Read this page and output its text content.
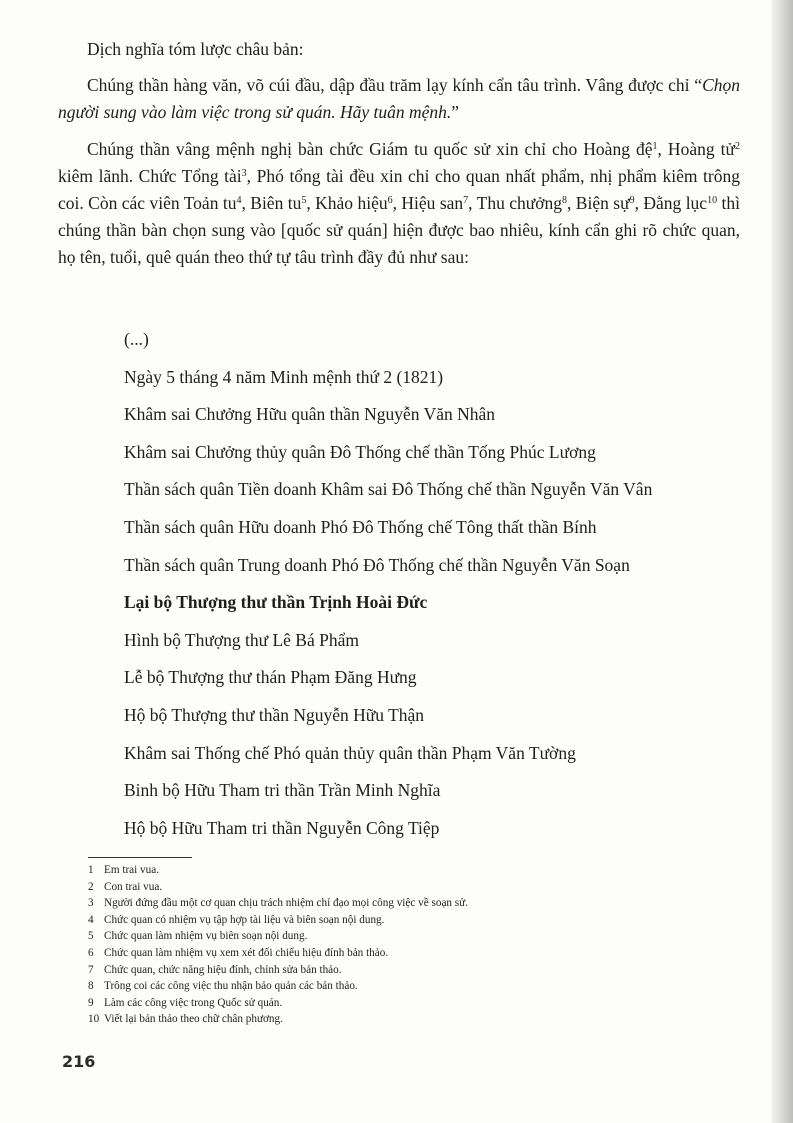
Dịch nghĩa tóm lược châu bản:

Chúng thần hàng văn, võ cúi đầu, dập đầu trăm lạy kính cẩn tâu trình. Vâng được chỉ “Chọn người sung vào làm việc trong sử quán. Hãy tuân mệnh.”

Chúng thần vâng mệnh nghị bàn chức Giám tu quốc sử xin chỉ cho Hoàng đệ$^1$, Hoàng tử$^2$ kiêm lãnh. Chức Tổng tài$^3$, Phó tổng tài đều xin chỉ cho quan nhất phẩm, nhị phẩm kiêm trông coi. Còn các viên Toản $tu^4$, Biên $tu^5$, Khảo hiệu$^6$, Hiệu san$^7$, Thu chưởng$^8$, Biện sự$^9$, Đằng lục$^{10}$ thì chúng thần bàn chọn sung vào [quốc sử quán] hiện được bao nhiêu, kính cẩn ghi rõ chức quan, họ tên, tuổi, quê quán theo thứ tự tâu trình đầy đủ như sau:

(...)
Ngày 5 tháng 4 năm Minh mệnh thứ 2 (1821)
Khâm sai Chưởng Hữu quân thần Nguyễn Văn Nhân
Khâm sai Chưởng thủy quân Đô Thống chế thần Tống Phúc Lương
Thần sách quân Tiền doanh Khâm sai Đô Thống chế thần Nguyễn Văn Vân
Thần sách quân Hữu doanh Phó Đô Thống chế Tông thất thần Bính
Thần sách quân Trung doanh Phó Đô Thống chế thần Nguyễn Văn Soạn
Lại bộ Thượng thư thần Trịnh Hoài Đức
Hình bộ Thượng thư Lê Bá Phẩm
Lễ bộ Thượng thư thán Phạm Đăng Hưng
Hộ bộ Thượng thư thần Nguyễn Hữu Thận
Khâm sai Thống chế Phó quản thủy quân thần Phạm Văn Tường
Binh bộ Hữu Tham tri thần Trần Minh Nghĩa
Hộ bộ Hữu Tham tri thần Nguyễn Công Tiệp
1 Em trai vua.
2 Con trai vua.
3 Người đứng đầu một cơ quan chịu trách nhiệm chỉ đạo mọi công việc về soạn sử.
4 Chức quan có nhiệm vụ tập hợp tài liệu và biên soạn nội dung.
5 Chức quan làm nhiệm vụ biên soạn nội dung.
6 Chức quan làm nhiệm vụ xem xét đối chiếu hiệu đính bản thảo.
7 Chức quan, chức năng hiệu đính, chỉnh sửa bản thảo.
8 Trông coi các công việc thu nhận bảo quản các bản thảo.
9 Làm các công việc trong Quốc sử quán.
10 Viết lại bản thảo theo chữ chân phương.
216
